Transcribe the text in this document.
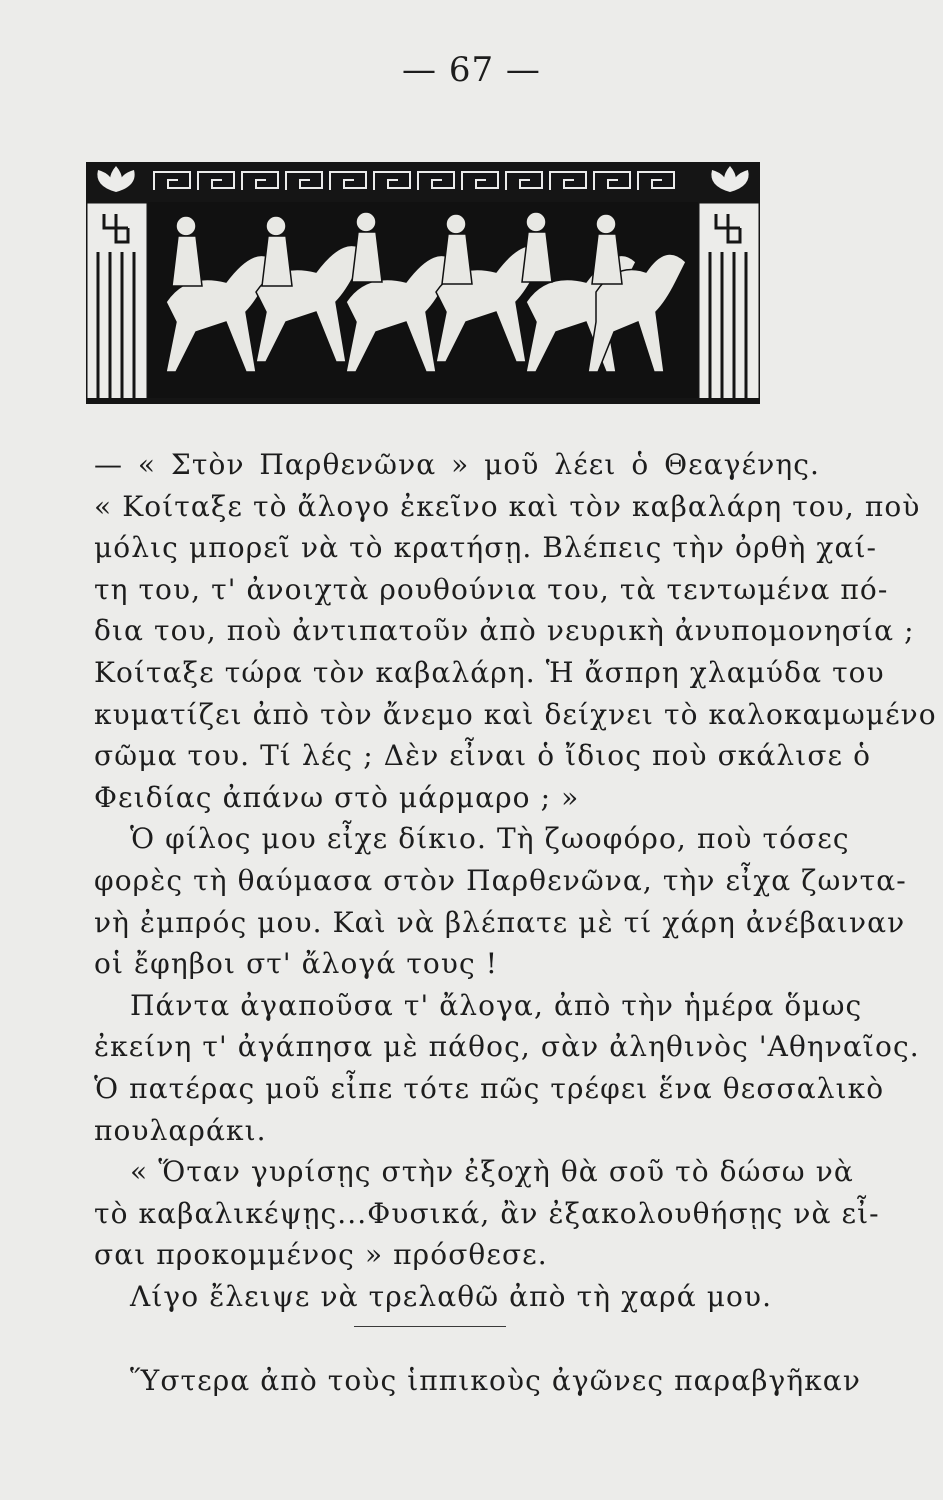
— 67 —
— « Στὸν Παρθενῶνα » μοῦ λέει ὁ Θεαγένης.
« Κοίταξε τὸ ἄλογο ἐκεῖνο καὶ τὸν καβαλάρη του, ποὺ
μόλις μπορεῖ νὰ τὸ κρατήσῃ. Βλέπεις τὴν ὀρθὴ χαί-
τη του, τ' ἀνοιχτὰ ρουθούνια του, τὰ τεντωμένα πό-
δια του, ποὺ ἀντιπατοῦν ἀπὸ νευρικὴ ἀνυπομονησία ;
Κοίταξε τώρα τὸν καβαλάρη. Ἡ ἄσπρη χλαμύδα του
κυματίζει ἀπὸ τὸν ἄνεμο καὶ δείχνει τὸ καλοκαμωμένο
σῶμα του. Τί λές ; Δὲν εἶναι ὁ ἴδιος ποὺ σκάλισε ὁ
Φειδίας ἀπάνω στὸ μάρμαρο ; »
Ὁ φίλος μου εἶχε δίκιο. Τὴ ζωοφόρο, ποὺ τόσες
φορὲς τὴ θαύμασα στὸν Παρθενῶνα, τὴν εἶχα ζωντα-
νὴ ἐμπρός μου. Καὶ νὰ βλέπατε μὲ τί χάρη ἀνέβαιναν
οἱ ἔφηβοι στ' ἄλογά τους !
Πάντα ἀγαποῦσα τ' ἄλογα, ἀπὸ τὴν ἡμέρα ὅμως
ἐκείνη τ' ἀγάπησα μὲ πάθος, σὰν ἀληθινὸς 'Αθηναῖος.
Ὁ πατέρας μοῦ εἶπε τότε πῶς τρέφει ἕνα θεσσαλικὸ
πουλαράκι.
« Ὅταν γυρίσῃς στὴν ἐξοχὴ θὰ σοῦ τὸ δώσω νὰ
τὸ καβαλικέψῃς...Φυσικά, ἂν ἐξακολουθήσῃς νὰ εἶ-
σαι προκομμένος » πρόσθεσε.
Λίγο ἔλειψε νὰ τρελαθῶ ἀπὸ τὴ χαρά μου.
Ὕστερα ἀπὸ τοὺς ἱππικοὺς ἀγῶνες παραβγῆκαν
